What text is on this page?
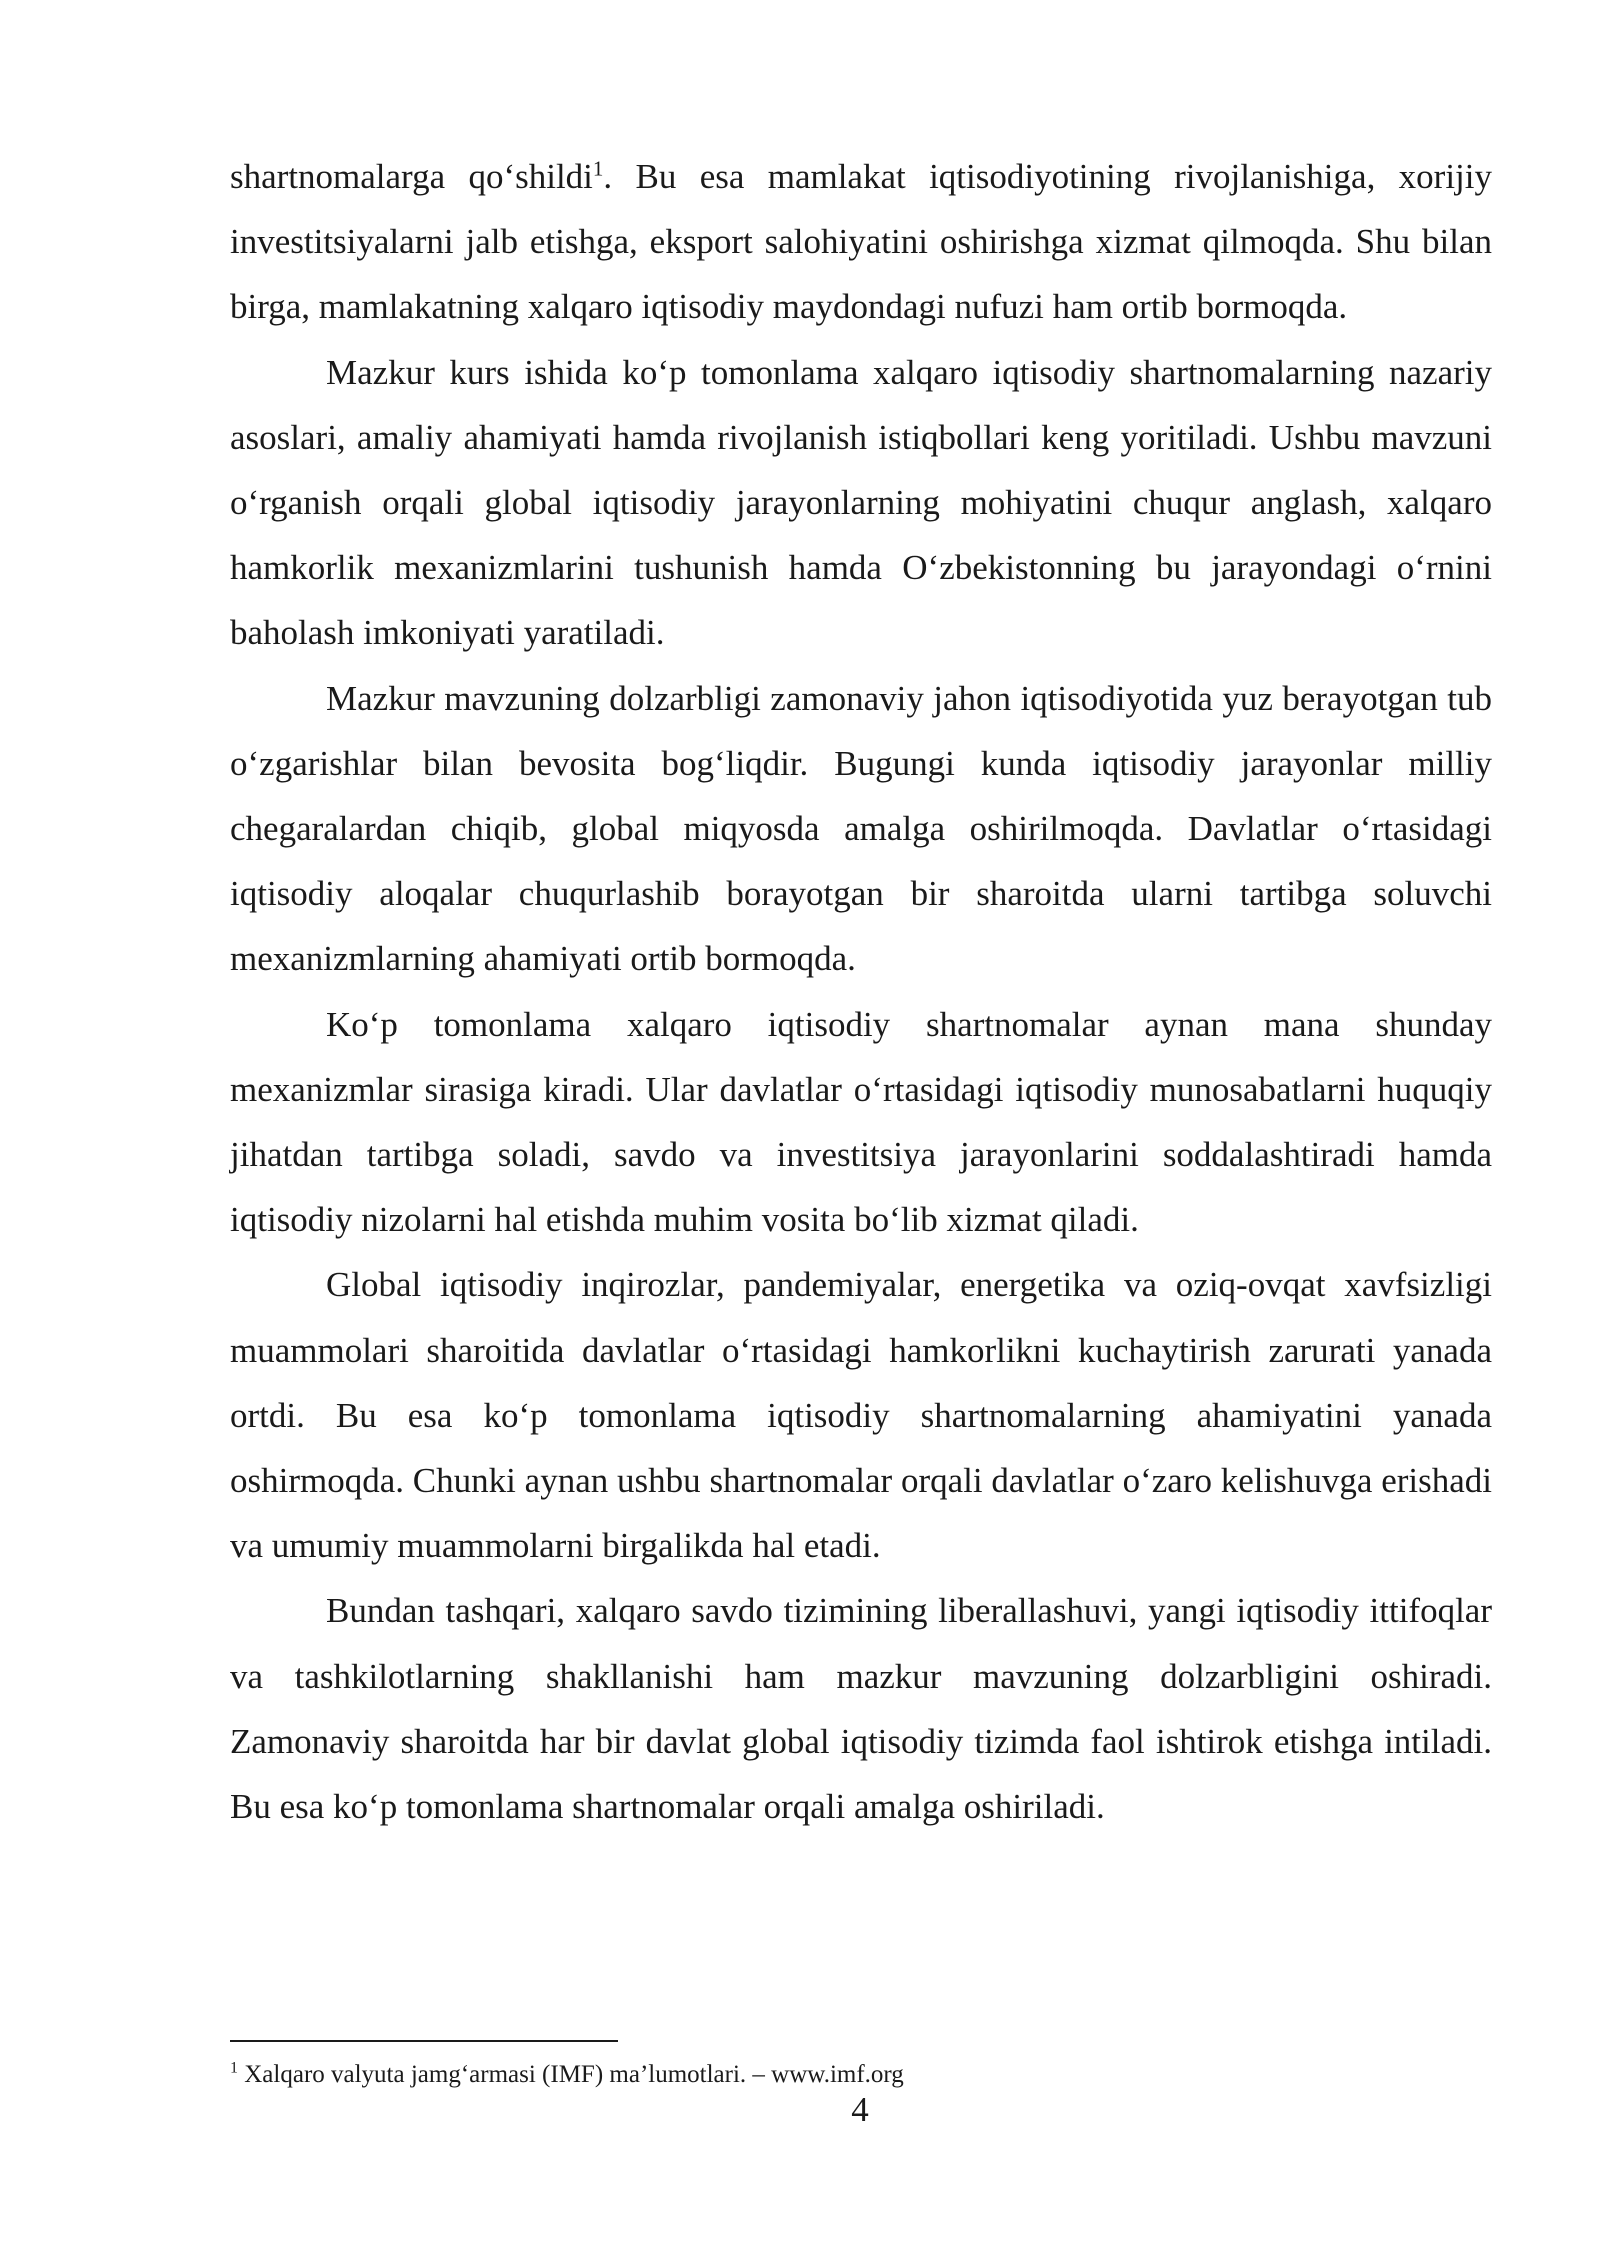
shartnomalarga qo‘shildi$^1$. Bu esa mamlakat iqtisodiyotining rivojlanishiga, xorijiy investitsiyalarni jalb etishga, eksport salohiyatini oshirishga xizmat qilmoqda. Shu bilan birga, mamlakatning xalqaro iqtisodiy maydondagi nufuzi ham ortib bormoqda.

Mazkur kurs ishida ko‘p tomonlama xalqaro iqtisodiy shartnomalarning nazariy asoslari, amaliy ahamiyati hamda rivojlanish istiqbollari keng yoritiladi. Ushbu mavzuni o‘rganish orqali global iqtisodiy jarayonlarning mohiyatini chuqur anglash, xalqaro hamkorlik mexanizmlarini tushunish hamda O‘zbekistonning bu jarayondagi o‘rnini baholash imkoniyati yaratiladi.

Mazkur mavzuning dolzarbligi zamonaviy jahon iqtisodiyotida yuz berayotgan tub o‘zgarishlar bilan bevosita bog‘liqdir. Bugungi kunda iqtisodiy jarayonlar milliy chegaralardan chiqib, global miqyosda amalga oshirilmoqda. Davlatlar o‘rtasidagi iqtisodiy aloqalar chuqurlashib borayotgan bir sharoitda ularni tartibga soluvchi mexanizmlarning ahamiyati ortib bormoqda.

Ko‘p tomonlama xalqaro iqtisodiy shartnomalar aynan mana shunday mexanizmlar sirasiga kiradi. Ular davlatlar o‘rtasidagi iqtisodiy munosabatlarni huquqiy jihatdan tartibga soladi, savdo va investitsiya jarayonlarini soddalashtiradi hamda iqtisodiy nizolarni hal etishda muhim vosita bo‘lib xizmat qiladi.

Global iqtisodiy inqirozlar, pandemiyalar, energetika va oziq-ovqat xavfsizligi muammolari sharoitida davlatlar o‘rtasidagi hamkorlikni kuchaytirish zarurati yanada ortdi. Bu esa ko‘p tomonlama iqtisodiy shartnomalarning ahamiyatini yanada oshirmoqda. Chunki aynan ushbu shartnomalar orqali davlatlar o‘zaro kelishuvga erishadi va umumiy muammolarni birgalikda hal etadi.

Bundan tashqari, xalqaro savdo tizimining liberallashuvi, yangi iqtisodiy ittifoqlar va tashkilotlarning shakllanishi ham mazkur mavzuning dolzarbligini oshiradi. Zamonaviy sharoitda har bir davlat global iqtisodiy tizimda faol ishtirok etishga intiladi. Bu esa ko‘p tomonlama shartnomalar orqali amalga oshiriladi.

$^1$ Xalqaro valyuta jamg‘armasi (IMF) ma’lumotlari. – www.imf.org

4
